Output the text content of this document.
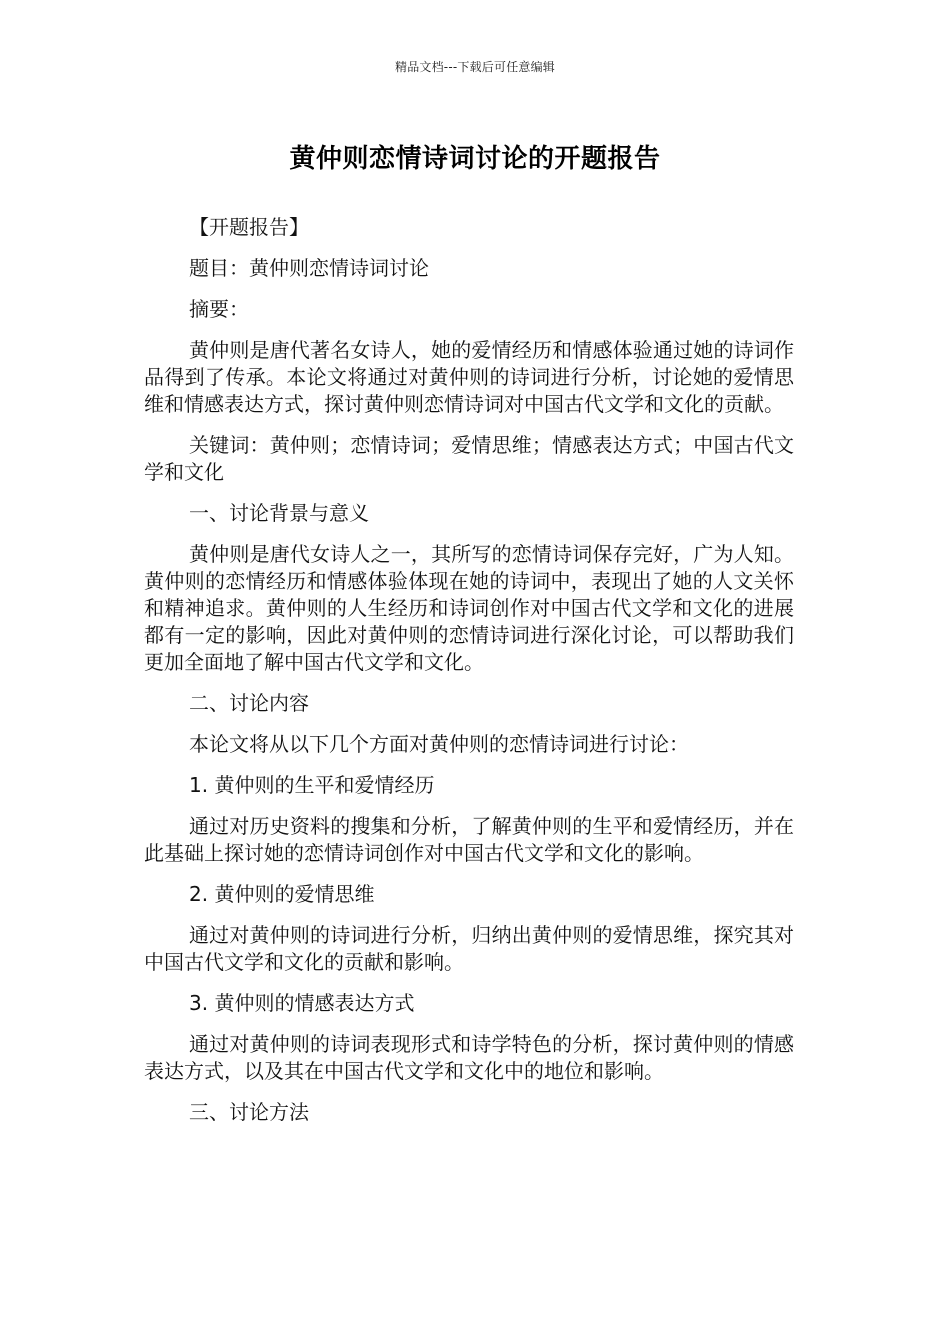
精品文档---下载后可任意编辑
黄仲则恋情诗词讨论的开题报告
【开题报告】
题目：黄仲则恋情诗词讨论
摘要：
黄仲则是唐代著名女诗人，她的爱情经历和情感体验通过她的诗词作品得到了传承。本论文将通过对黄仲则的诗词进行分析，讨论她的爱情思维和情感表达方式，探讨黄仲则恋情诗词对中国古代文学和文化的贡献。
关键词：黄仲则；恋情诗词；爱情思维；情感表达方式；中国古代文学和文化
一、讨论背景与意义
黄仲则是唐代女诗人之一，其所写的恋情诗词保存完好，广为人知。黄仲则的恋情经历和情感体验体现在她的诗词中，表现出了她的人文关怀和精神追求。黄仲则的人生经历和诗词创作对中国古代文学和文化的进展都有一定的影响，因此对黄仲则的恋情诗词进行深化讨论，可以帮助我们更加全面地了解中国古代文学和文化。
二、讨论内容
本论文将从以下几个方面对黄仲则的恋情诗词进行讨论：
1. 黄仲则的生平和爱情经历
通过对历史资料的搜集和分析，了解黄仲则的生平和爱情经历，并在此基础上探讨她的恋情诗词创作对中国古代文学和文化的影响。
2. 黄仲则的爱情思维
通过对黄仲则的诗词进行分析，归纳出黄仲则的爱情思维，探究其对中国古代文学和文化的贡献和影响。
3. 黄仲则的情感表达方式
通过对黄仲则的诗词表现形式和诗学特色的分析，探讨黄仲则的情感表达方式，以及其在中国古代文学和文化中的地位和影响。
三、讨论方法
